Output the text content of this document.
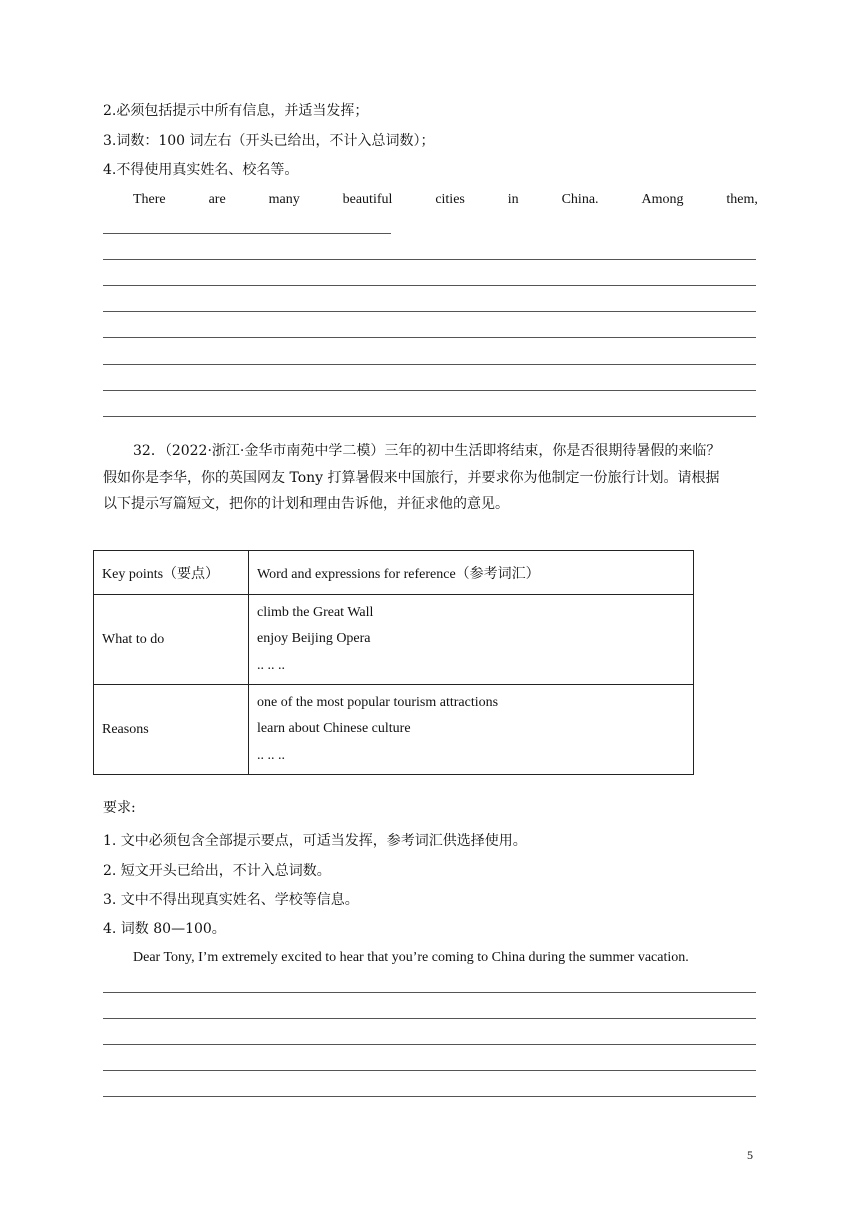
2.必须包括提示中所有信息，并适当发挥；
3.词数：100 词左右（开头已给出，不计入总词数）；
4.不得使用真实姓名、校名等。
There	are	many	beautiful	cities	in	China.	Among	them,
32．（2022·浙江·金华市南苑中学二模）三年的初中生活即将结束，你是否很期待暑假的来临？
假如你是李华，你的英国网友 Tony 打算暑假来中国旅行，并要求你为他制定一份旅行计划。请根据
以下提示写篇短文，把你的计划和理由告诉他，并征求他的意见。
Key points（要点）	Word and expressions for reference（参考词汇）
What to do	climb the Great Wall
enjoy Beijing Opera
.. .. ..

Reasons	one of the most popular tourism attractions
learn about Chinese culture
.. .. ..
要求:
1. 文中必须包含全部提示要点，可适当发挥，参考词汇供选择使用。
2. 短文开头已给出，不计入总词数。
3. 文中不得出现真实姓名、学校等信息。
4. 词数 80—100。
Dear Tony, I’m extremely excited to hear that you’re coming to China during the summer vacation.
5
